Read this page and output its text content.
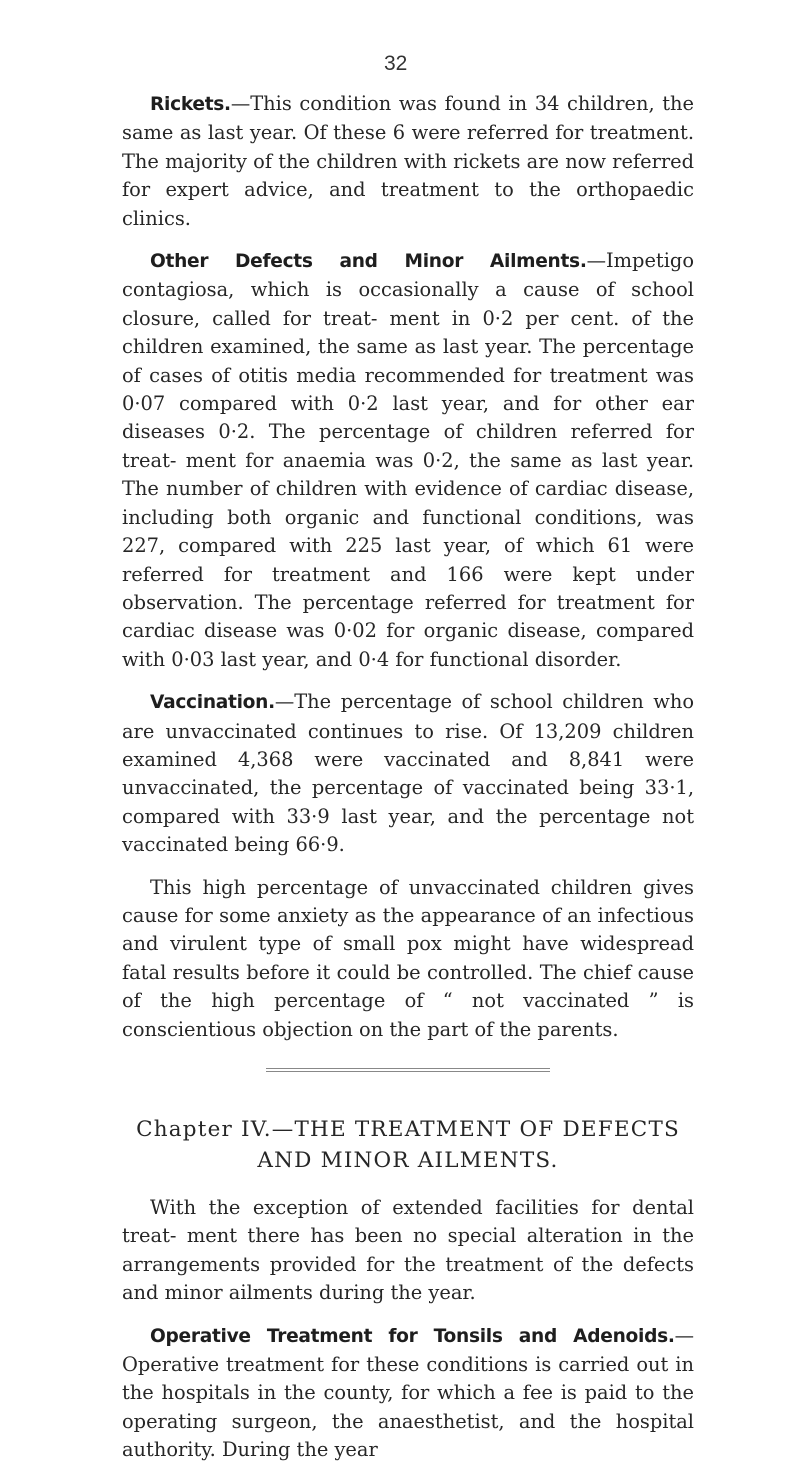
32

Rickets.—This condition was found in 34 children, the same as last year. Of these 6 were referred for treatment. The majority of the children with rickets are now referred for expert advice, and treatment to the orthopaedic clinics.

Other Defects and Minor Ailments.—Impetigo contagiosa, which is occasionally a cause of school closure, called for treat- ment in 0·2 per cent. of the children examined, the same as last year. The percentage of cases of otitis media recommended for treatment was 0·07 compared with 0·2 last year, and for other ear diseases 0·2. The percentage of children referred for treat- ment for anaemia was 0·2, the same as last year. The number of children with evidence of cardiac disease, including both organic and functional conditions, was 227, compared with 225 last year, of which 61 were referred for treatment and 166 were kept under observation. The percentage referred for treatment for cardiac disease was 0·02 for organic disease, compared with 0·03 last year, and 0·4 for functional disorder.

Vaccination.—The percentage of school children who are unvaccinated continues to rise. Of 13,209 children examined 4,368 were vaccinated and 8,841 were unvaccinated, the percentage of vaccinated being 33·1, compared with 33·9 last year, and the percentage not vaccinated being 66·9.

This high percentage of unvaccinated children gives cause for some anxiety as the appearance of an infectious and virulent type of small pox might have widespread fatal results before it could be controlled. The chief cause of the high percentage of “ not vaccinated ” is conscientious objection on the part of the parents.

Chapter IV.—THE TREATMENT OF DEFECTS
AND MINOR AILMENTS.

With the exception of extended facilities for dental treat- ment there has been no special alteration in the arrangements provided for the treatment of the defects and minor ailments during the year.

Operative Treatment for Tonsils and Adenoids.—Operative treatment for these conditions is carried out in the hospitals in the county, for which a fee is paid to the operating surgeon, the anaesthetist, and the hospital authority. During the year
